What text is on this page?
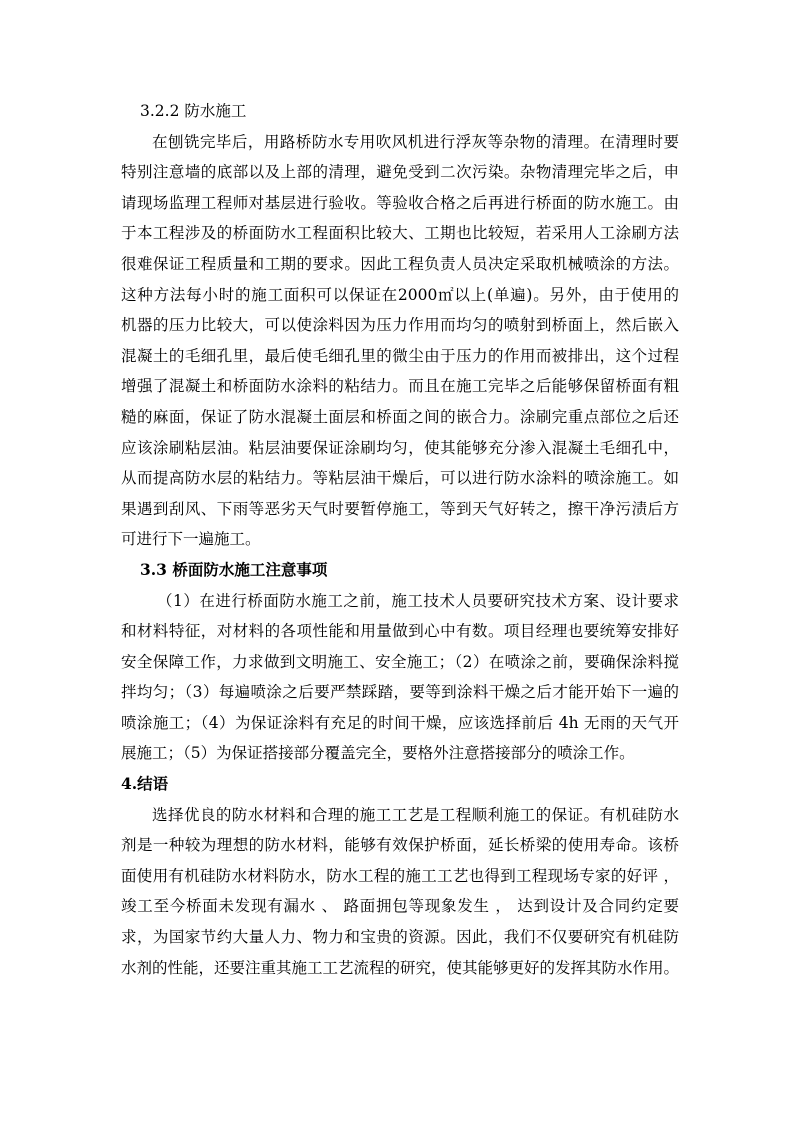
3.2.2 防水施工
在刨铣完毕后，用路桥防水专用吹风机进行浮灰等杂物的清理。在清理时要
特别注意墙的底部以及上部的清理，避免受到二次污染。杂物清理完毕之后，申
请现场监理工程师对基层进行验收。等验收合格之后再进行桥面的防水施工。由
于本工程涉及的桥面防水工程面积比较大、工期也比较短，若采用人工涂刷方法
很难保证工程质量和工期的要求。因此工程负责人员决定采取机械喷涂的方法。
这种方法每小时的施工面积可以保证在2000㎡以上(单遍)。另外，由于使用的
机器的压力比较大，可以使涂料因为压力作用而均匀的喷射到桥面上，然后嵌入
混凝土的毛细孔里，最后使毛细孔里的微尘由于压力的作用而被排出，这个过程
增强了混凝土和桥面防水涂料的粘结力。而且在施工完毕之后能够保留桥面有粗
糙的麻面，保证了防水混凝土面层和桥面之间的嵌合力。涂刷完重点部位之后还
应该涂刷粘层油。粘层油要保证涂刷均匀，使其能够充分渗入混凝土毛细孔中，
从而提高防水层的粘结力。等粘层油干燥后，可以进行防水涂料的喷涂施工。如
果遇到刮风、下雨等恶劣天气时要暂停施工，等到天气好转之，擦干净污渍后方
可进行下一遍施工。
3.3 桥面防水施工注意事项
（1）在进行桥面防水施工之前，施工技术人员要研究技术方案、设计要求
和材料特征，对材料的各项性能和用量做到心中有数。项目经理也要统筹安排好
安全保障工作，力求做到文明施工、安全施工；（2）在喷涂之前，要确保涂料搅
拌均匀；（3）每遍喷涂之后要严禁踩踏，要等到涂料干燥之后才能开始下一遍的
喷涂施工；（4）为保证涂料有充足的时间干燥，应该选择前后 4h 无雨的天气开
展施工；（5）为保证搭接部分覆盖完全，要格外注意搭接部分的喷涂工作。
4.结语
选择优良的防水材料和合理的施工工艺是工程顺利施工的保证。有机硅防水
剂是一种较为理想的防水材料，能够有效保护桥面，延长桥梁的使用寿命。该桥
面使用有机硅防水材料防水，防水工程的施工工艺也得到工程现场专家的好评 ，
竣工至今桥面未发现有漏水 、 路面拥包等现象发生 ， 达到设计及合同约定要
求，为国家节约大量人力、物力和宝贵的资源。因此，我们不仅要研究有机硅防
水剂的性能，还要注重其施工工艺流程的研究，使其能够更好的发挥其防水作用。
